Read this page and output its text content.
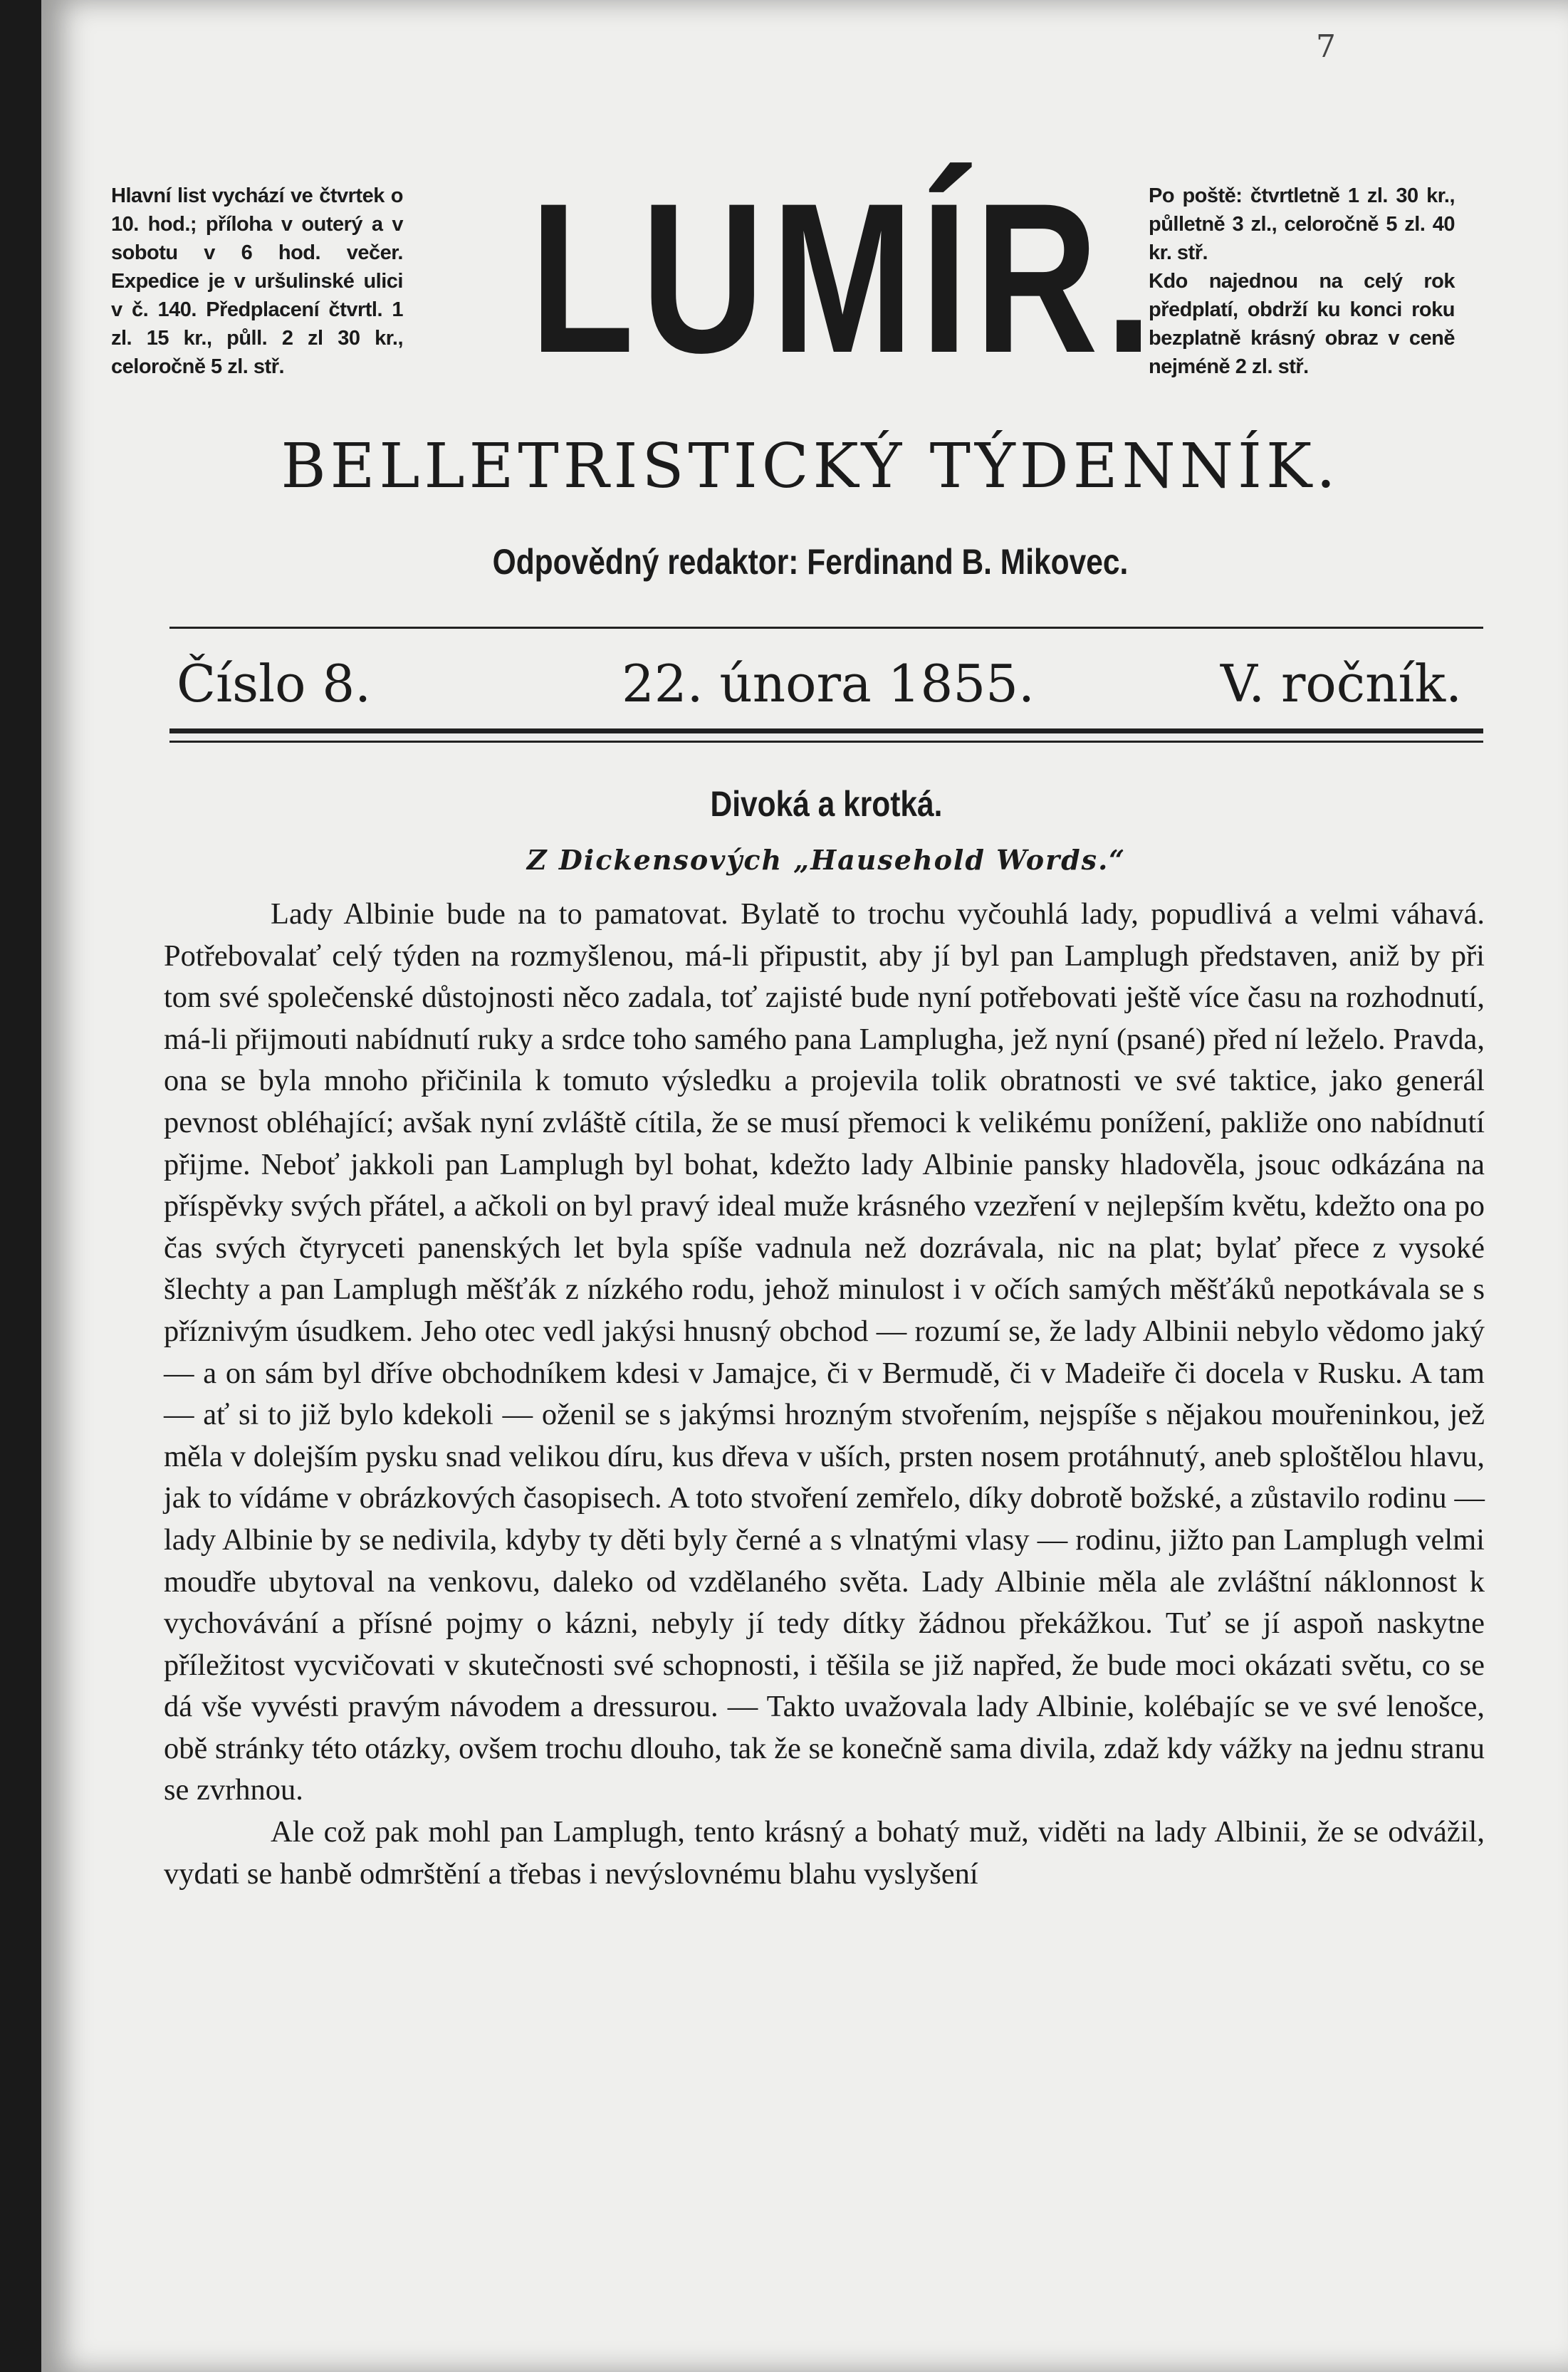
7
Hlavní list vychází ve čtvrtek o 10. hod.; příloha v outerý a v sobotu v 6 hod. večer. Expedice je v uršulinské ulici v č. 140. Předplacení čtvrtl. 1 zl. 15 kr., půll. 2 zl 30 kr., celoročně 5 zl. stř.	LUMÍR.

Po poště: čtvrtletně 1 zl. 30 kr., půlletně 3 zl., celoročně 5 zl. 40 kr. stř.

Kdo najednou na celý rok předplatí, obdrží ku konci roku bezplatně krásný obraz v ceně nejméně 2 zl. stř.

BELLETRISTICKÝ TÝDENNÍK.
Odpovědný redaktor: Ferdinand B. Mikovec.
Číslo 8.	22. února 1855.	V. ročník.
Divoká a krotká.
Z Dickensových „Hausehold Words.“

Lady Albinie bude na to pamatovat. Bylatě to trochu vyčouhlá lady, popudlivá a velmi váhavá. Potřebovalať celý týden na rozmyšlenou, má-li připustit, aby jí byl pan Lamplugh představen, aniž by při tom své společenské důstojnosti něco zadala, toť zajisté bude nyní potřebovati ještě více času na rozhodnutí, má-li přijmouti nabídnutí ruky a srdce toho samého pana Lamplugha, jež nyní (psané) před ní leželo. Pravda, ona se byla mnoho přičinila k tomuto výsledku a projevila tolik obratnosti ve své taktice, jako generál pevnost obléhající; avšak nyní zvláště cítila, že se musí přemoci k velikému ponížení, pakliže ono nabídnutí přijme. Neboť jakkoli pan Lamplugh byl bohat, kdežto lady Albinie pansky hladověla, jsouc odkázána na příspěvky svých přátel, a ačkoli on byl pravý ideal muže krásného vzezření v nejlepším květu, kdežto ona po čas svých čtyryceti panenských let byla spíše vadnula než dozrávala, nic na plat; bylať přece z vysoké šlechty a pan Lamplugh měšťák z nízkého rodu, jehož minulost i v očích samých měšťáků nepotkávala se s příznivým úsudkem. Jeho otec vedl jakýsi hnusný obchod — rozumí se, že lady Albinii nebylo vědomo jaký — a on sám byl dříve obchodníkem kdesi v Jamajce, či v Bermudě, či v Madeiře či docela v Rusku. A tam — ať si to již bylo kdekoli — oženil se s jakýmsi hrozným stvořením, nejspíše s nějakou mouřeninkou, jež měla v dolejším pysku snad velikou díru, kus dřeva v uších, prsten nosem protáhnutý, aneb sploštělou hlavu, jak to vídáme v obrázkových časopisech. A toto stvoření zemřelo, díky dobrotě božské, a zůstavilo rodinu — lady Albinie by se nedivila, kdyby ty děti byly černé a s vlnatými vlasy — rodinu, jižto pan Lamplugh velmi moudře ubytoval na venkovu, daleko od vzdělaného světa. Lady Albinie měla ale zvláštní náklonnost k vychovávání a přísné pojmy o kázni, nebyly jí tedy dítky žádnou překážkou. Tuť se jí aspoň naskytne příležitost vycvičovati v skutečnosti své schopnosti, i těšila se již napřed, že bude moci okázati světu, co se dá vše vyvésti pravým návodem a dressurou. — Takto uvažovala lady Albinie, kolébajíc se ve své lenošce, obě stránky této otázky, ovšem trochu dlouho, tak že se konečně sama divila, zdaž kdy vážky na jednu stranu se zvrhnou.

Ale což pak mohl pan Lamplugh, tento krásný a bohatý muž, viděti na lady Albinii, že se odvážil, vydati se hanbě odmrštění a třebas i nevýslovnému blahu vyslyšení
